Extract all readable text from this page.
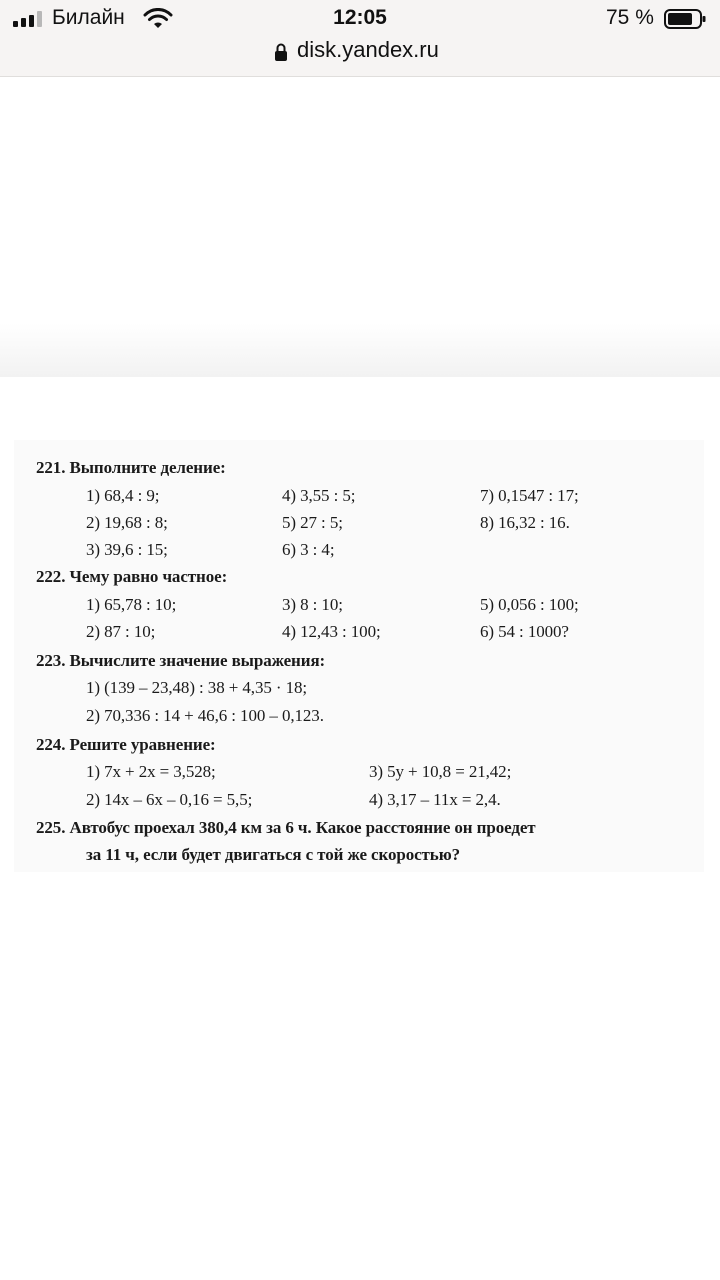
Билайн	12:05	75 %
disk.yandex.ru
221. Выполните деление:
1) 68,4 : 9;	4) 3,55 : 5;	7) 0,1547 : 17;
2) 19,68 : 8;	5) 27 : 5;	8) 16,32 : 16.
3) 39,6 : 15;	6) 3 : 4;
222. Чему равно частное:
1) 65,78 : 10;	3) 8 : 10;	5) 0,056 : 100;
2) 87 : 10;	4) 12,43 : 100;	6) 54 : 1000?
223. Вычислите значение выражения:
1) (139 – 23,48) : 38 + 4,35 · 18;
2) 70,336 : 14 + 46,6 : 100 – 0,123.
224. Решите уравнение:
1) 7x + 2x = 3,528;	3) 5y + 10,8 = 21,42;
2) 14x – 6x – 0,16 = 5,5;	4) 3,17 – 11x = 2,4.
225. Автобус проехал 380,4 км за 6 ч. Какое расстояние он проедет
за 11 ч, если будет двигаться с той же скоростью?
